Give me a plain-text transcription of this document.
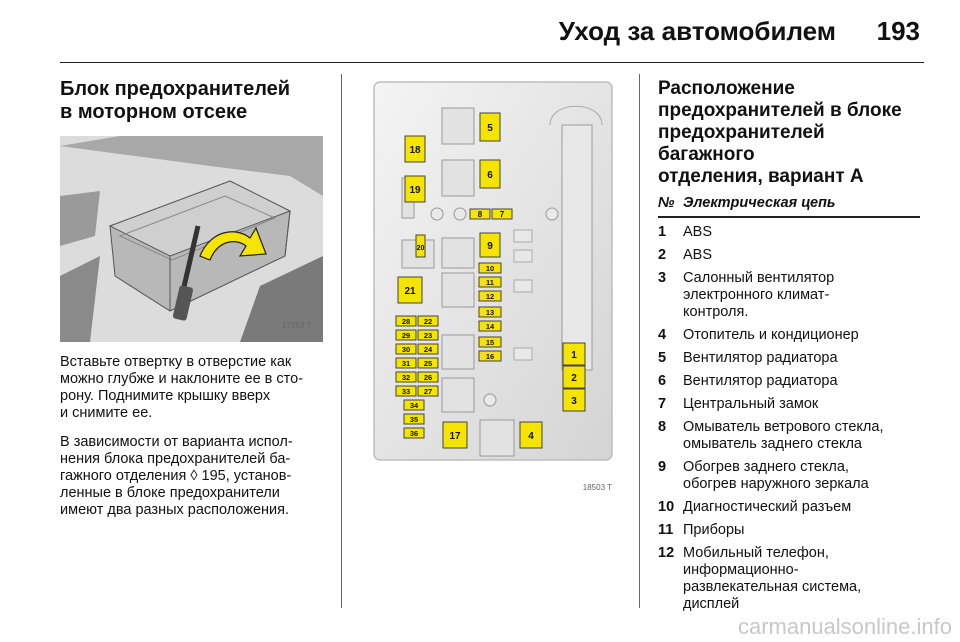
Уход за автомобилем 193
Блок предохранителей
в моторном отсеке
17263 T

Вставьте отвертку в отверстие как
можно глубже и наклоните ее в сто-
рону. Поднимите крышку вверх
и снимите ее.

В зависимости от варианта испол-
нения блока предохранителей ба-
гажного отделения ◊ 195, установ-
ленные в блоке предохранители
имеют два разных расположения.

18
19
20
21
5
6
8 7
9
10
11
12
13
14
15
16
28 22
29 23
30 24
31 25
32 26
33 27
34
35
36	17	4
1
2
3
18503 T
Расположение
предохранителей в блоке
предохранителей багажного
отделения, вариант А
№ Электрическая цепь
1	ABS
2	ABS
3	Салонный вентилятор
электронного климат-
контроля.
4	Отопитель и кондиционер
5	Вентилятор радиатора
6	Вентилятор радиатора
7	Центральный замок
8	Омыватель ветрового стекла,
омыватель заднего стекла
9	Обогрев заднего стекла,
обогрев наружного зеркала
10 Диагностический разъем
11 Приборы
12 Мобильный телефон,
информационно-
развлекательная система,
дисплей
carmanualsonline.info
